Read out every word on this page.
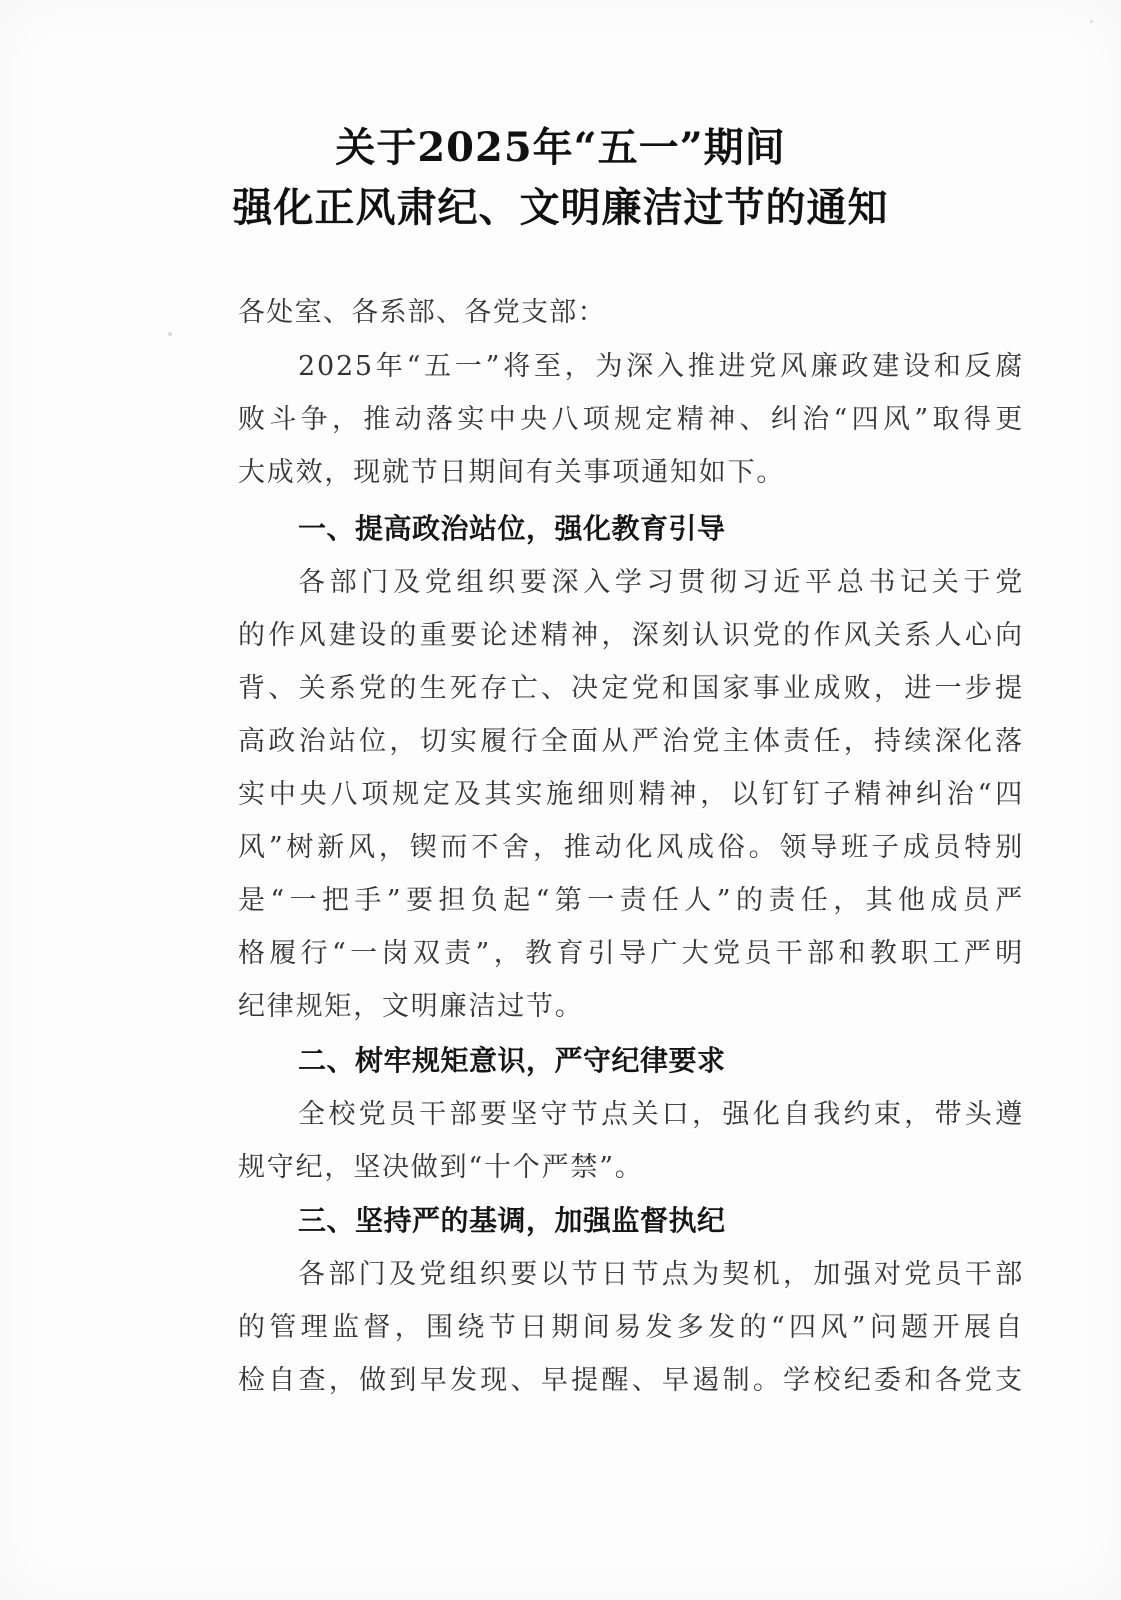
关于2025年“五一”期间
强化正风肃纪、文明廉洁过节的通知
各处室、各系部、各党支部：
2025年“五一”将至，为深入推进党风廉政建设和反腐
败斗争，推动落实中央八项规定精神、纠治“四风”取得更
大成效，现就节日期间有关事项通知如下。
一、提高政治站位，强化教育引导
各部门及党组织要深入学习贯彻习近平总书记关于党
的作风建设的重要论述精神，深刻认识党的作风关系人心向
背、关系党的生死存亡、决定党和国家事业成败，进一步提
高政治站位，切实履行全面从严治党主体责任，持续深化落
实中央八项规定及其实施细则精神，以钉钉子精神纠治“四
风”树新风，锲而不舍，推动化风成俗。领导班子成员特别
是“一把手”要担负起“第一责任人”的责任，其他成员严
格履行“一岗双责”，教育引导广大党员干部和教职工严明
纪律规矩，文明廉洁过节。
二、树牢规矩意识，严守纪律要求
全校党员干部要坚守节点关口，强化自我约束，带头遵
规守纪，坚决做到“十个严禁”。
三、坚持严的基调，加强监督执纪
各部门及党组织要以节日节点为契机，加强对党员干部
的管理监督，围绕节日期间易发多发的“四风”问题开展自
检自查，做到早发现、早提醒、早遏制。学校纪委和各党支
